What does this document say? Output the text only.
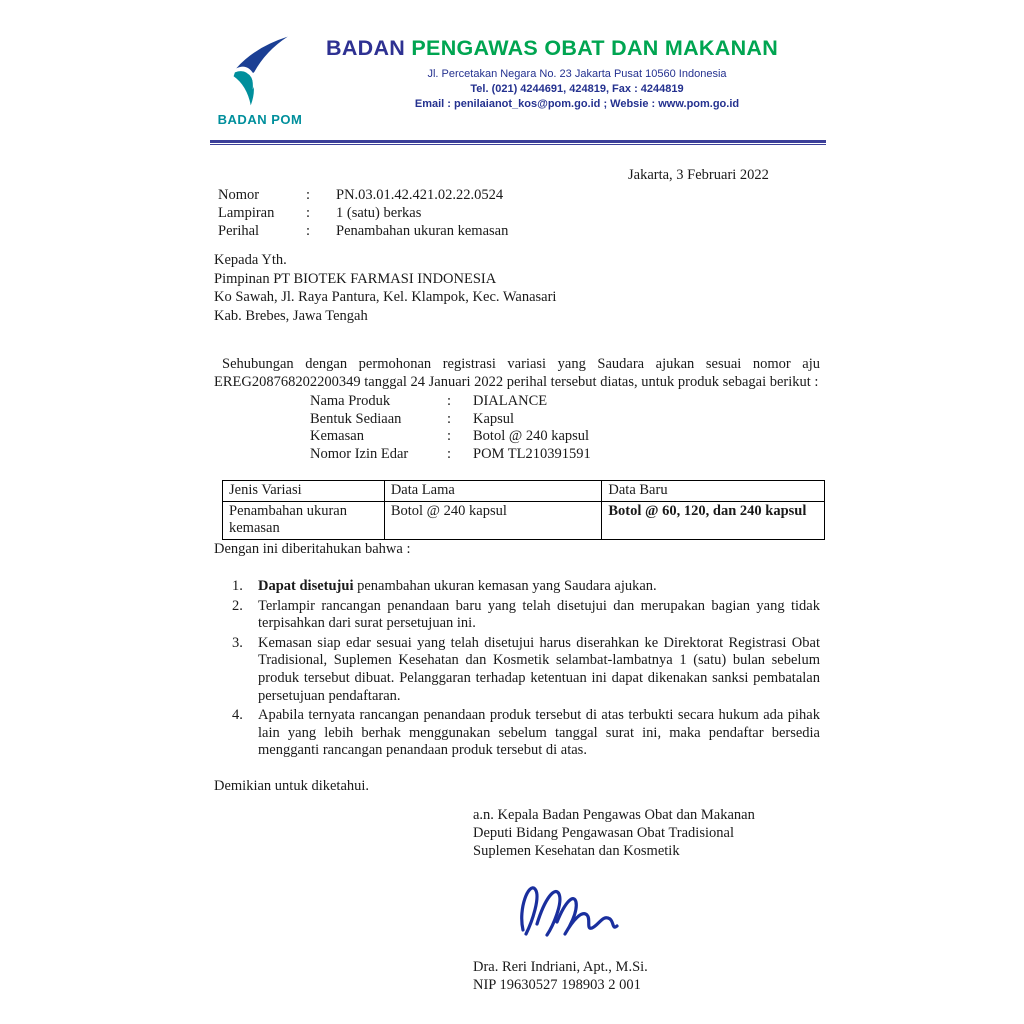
BADAN POM
BADAN PENGAWAS OBAT DAN MAKANAN
Jl. Percetakan Negara No. 23 Jakarta Pusat 10560 Indonesia
Tel. (021) 4244691, 424819, Fax : 4244819
Email : penilaianot_kos@pom.go.id ; Websie : www.pom.go.id
Jakarta, 3 Februari 2022
Nomor	:	PN.03.01.42.421.02.22.0524
Lampiran	:	1 (satu) berkas
Perihal	:	Penambahan ukuran kemasan
Kepada Yth.
Pimpinan PT BIOTEK FARMASI INDONESIA
Ko Sawah, Jl. Raya Pantura, Kel. Klampok, Kec. Wanasari
Kab. Brebes, Jawa Tengah

Sehubungan dengan permohonan registrasi variasi yang Saudara ajukan sesuai nomor aju EREG208768202200349 tanggal 24 Januari 2022 perihal tersebut diatas, untuk produk sebagai berikut :

Nama Produk	:	DIALANCE
Bentuk Sediaan	:	Kapsul
Kemasan	:	Botol @ 240 kapsul
Nomor Izin Edar	:	POM TL210391591
Jenis Variasi	Data Lama	Data Baru
Penambahan ukuran kemasan	Botol @ 240 kapsul	Botol @ 60, 120, dan 240 kapsul
Dengan ini diberitahukan bahwa :
1.	Dapat disetujui penambahan ukuran kemasan yang Saudara ajukan.
2.	Terlampir rancangan penandaan baru yang telah disetujui dan merupakan bagian yang tidak terpisahkan dari surat persetujuan ini.
3.	Kemasan siap edar sesuai yang telah disetujui harus diserahkan ke Direktorat Registrasi Obat Tradisional, Suplemen Kesehatan dan Kosmetik selambat-lambatnya 1 (satu) bulan sebelum produk tersebut dibuat. Pelanggaran terhadap ketentuan ini dapat dikenakan sanksi pembatalan persetujuan pendaftaran.
4.	Apabila ternyata rancangan penandaan produk tersebut di atas terbukti secara hukum ada pihak lain yang lebih berhak menggunakan sebelum tanggal surat ini, maka pendaftar bersedia mengganti rancangan penandaan produk tersebut di atas.
Demikian untuk diketahui.
a.n. Kepala Badan Pengawas Obat dan Makanan
Deputi Bidang Pengawasan Obat Tradisional
Suplemen Kesehatan dan Kosmetik
Dra. Reri Indriani, Apt., M.Si.
NIP 19630527 198903 2 001
